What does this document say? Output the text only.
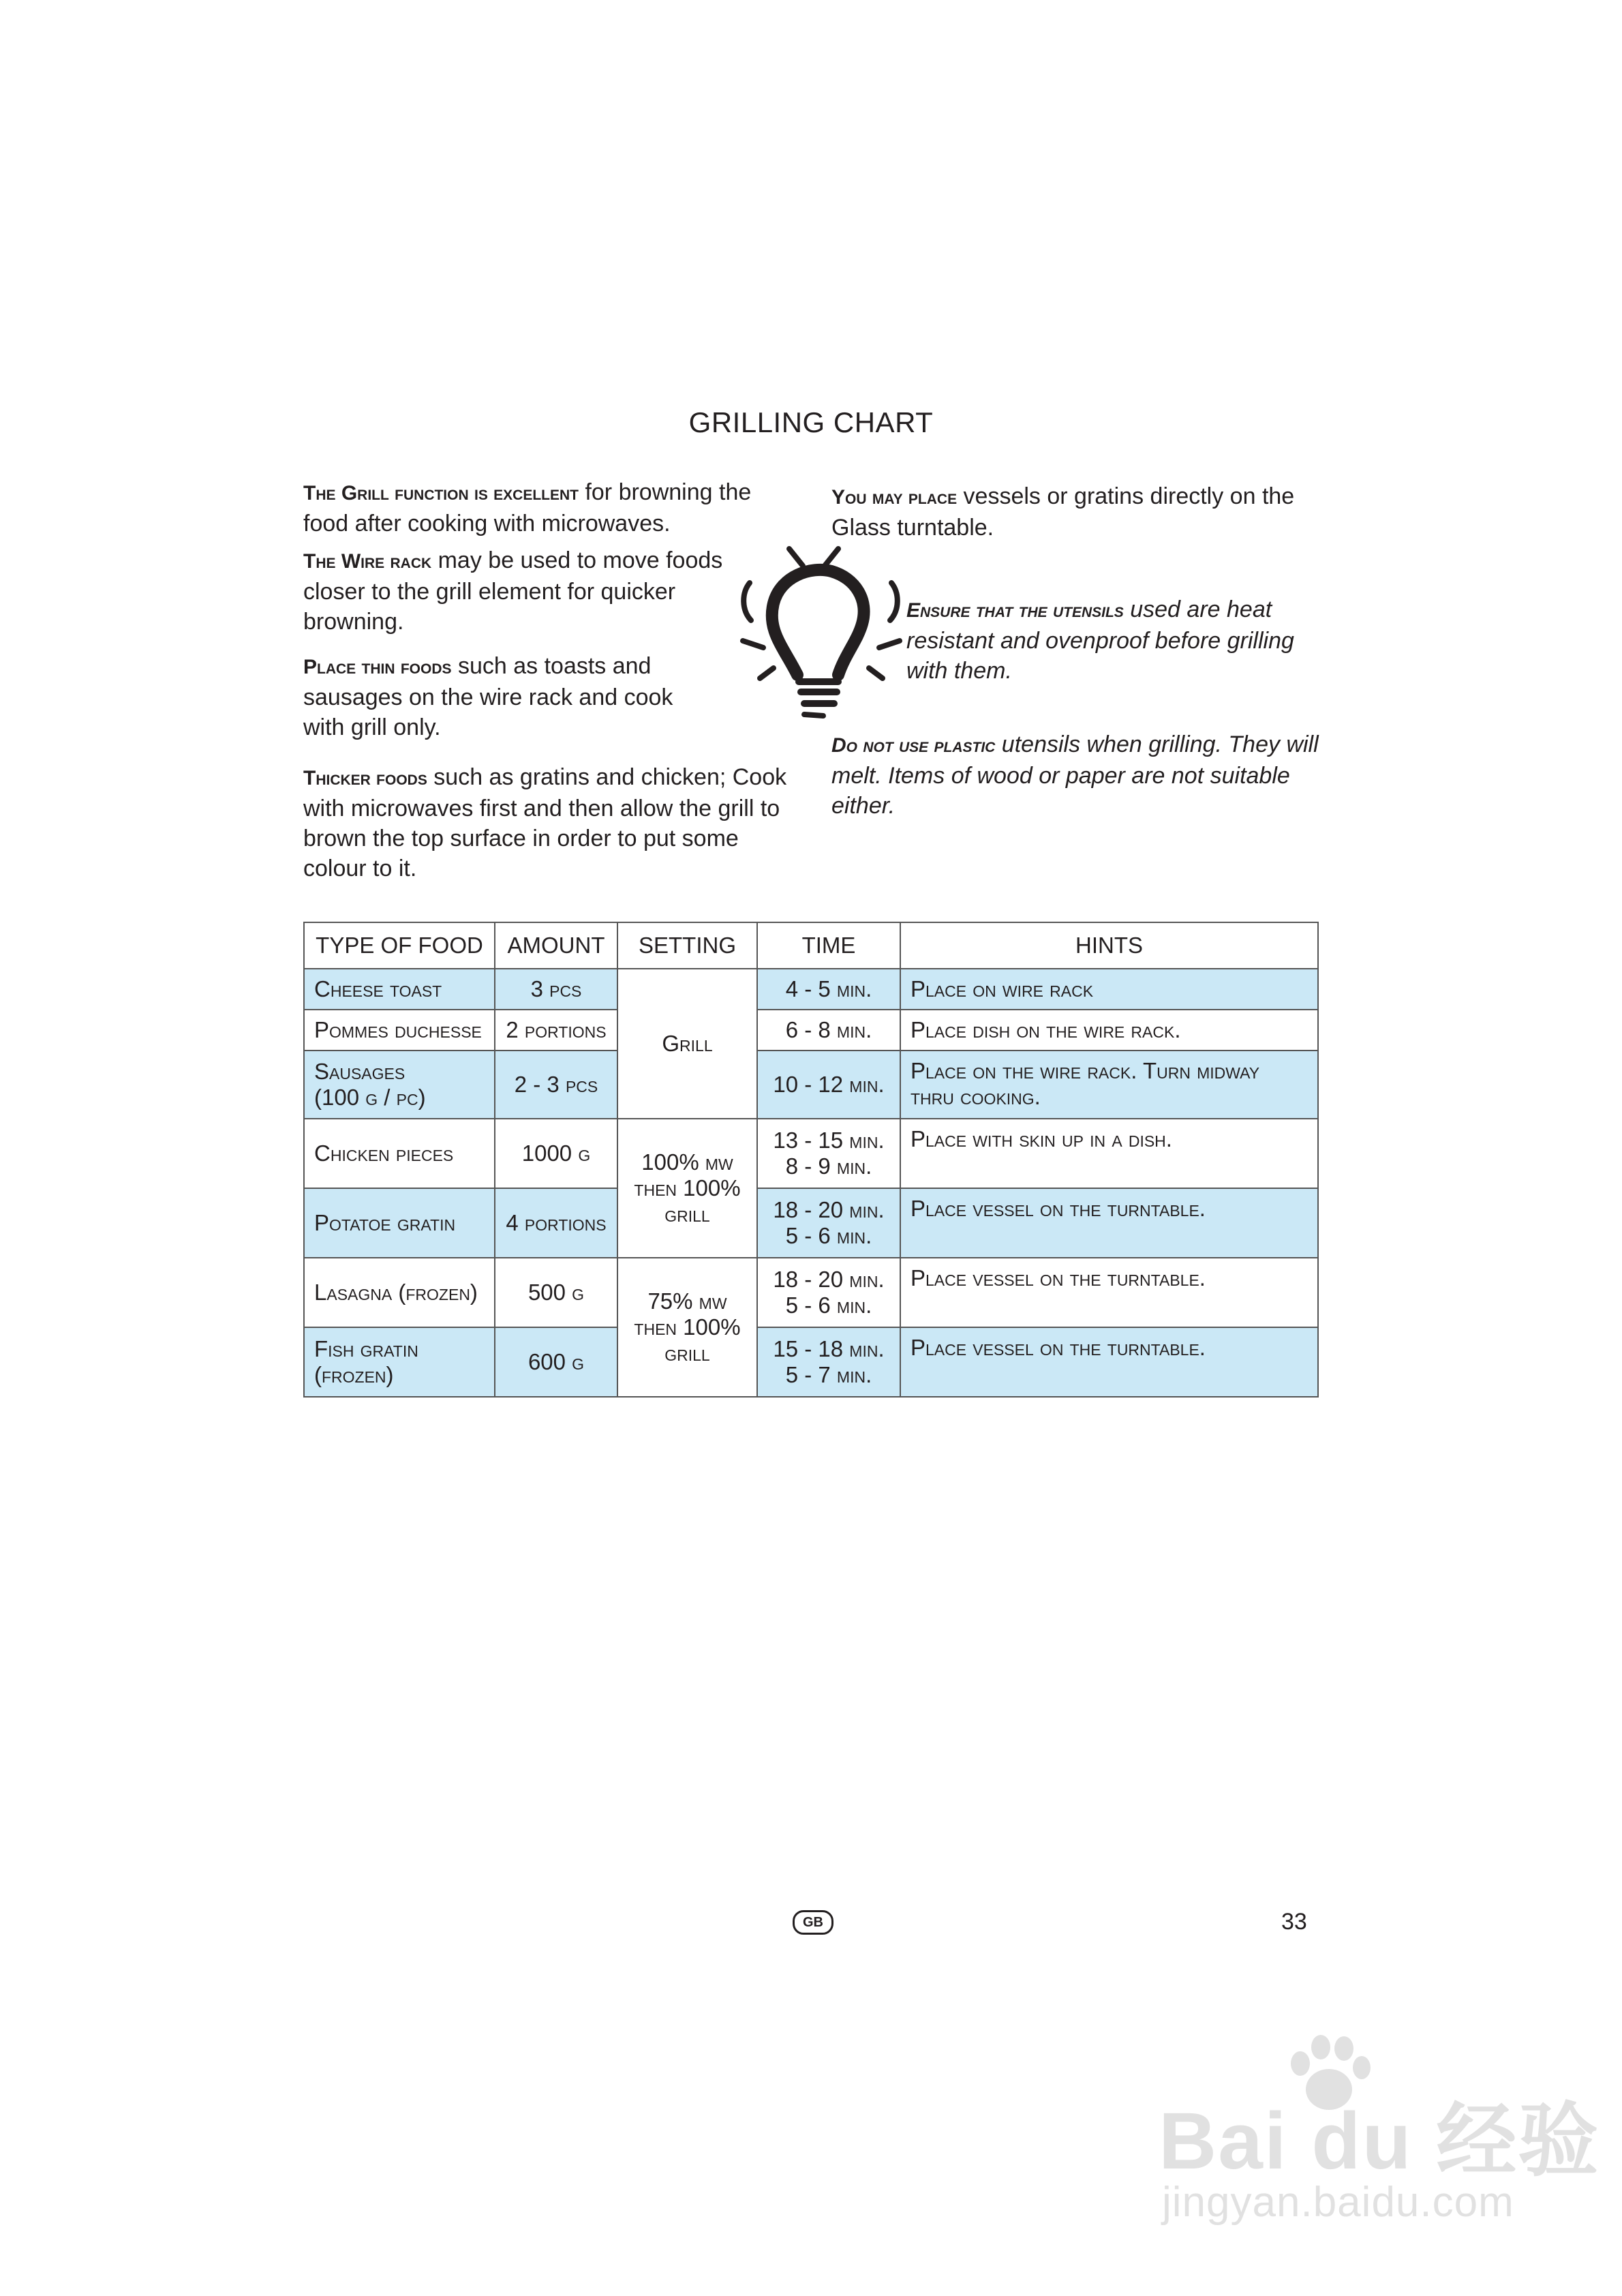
GRILLING CHART

The Grill function is excellent for browning the food after cooking with microwaves.

The Wire rack may be used to move foods closer to the grill element for quicker browning.

Place thin foods such as toasts and sausages on the wire rack and cook with grill only.

Thicker foods such as gratins and chicken; Cook with microwaves first and then allow the grill to brown the top surface in order to put some colour to it.

You may place vessels or gratins directly on the Glass turntable.

Ensure that the utensils used are heat resistant and ovenproof before grilling with them.

Do not use plastic utensils when grilling. They will melt. Items of wood or paper are not suitable either.

TYPE OF FOOD	AMOUNT	SETTING	TIME	HINTS
Cheese toast	3 pcs	Grill	4 - 5 min.	Place on wire rack
Pommes duchesse	2 portions		6 - 8 min.	Place dish on the wire rack.

Sausages
(100 g / pc)	2 - 3 pcs		10 - 12 min.	Place on the wire rack. Turn midway thru cooking.
Chicken pieces	1000 g	100% mw
then 100%
grill	13 - 15 min.
8 - 9 min.	Place with skin up in a dish.
Potatoe gratin	4 portions		18 - 20 min.
5 - 6 min.	Place vessel on the turntable.
Lasagna (frozen)	500 g	75% mw
then 100%
grill	18 - 20 min.
5 - 6 min.	Place vessel on the turntable.

Fish gratin
(frozen)	600 g		15 - 18 min.
5 - 7 min.	Place vessel on the turntable.
GB	33
Bai du 经验
jingyan.baidu.com
